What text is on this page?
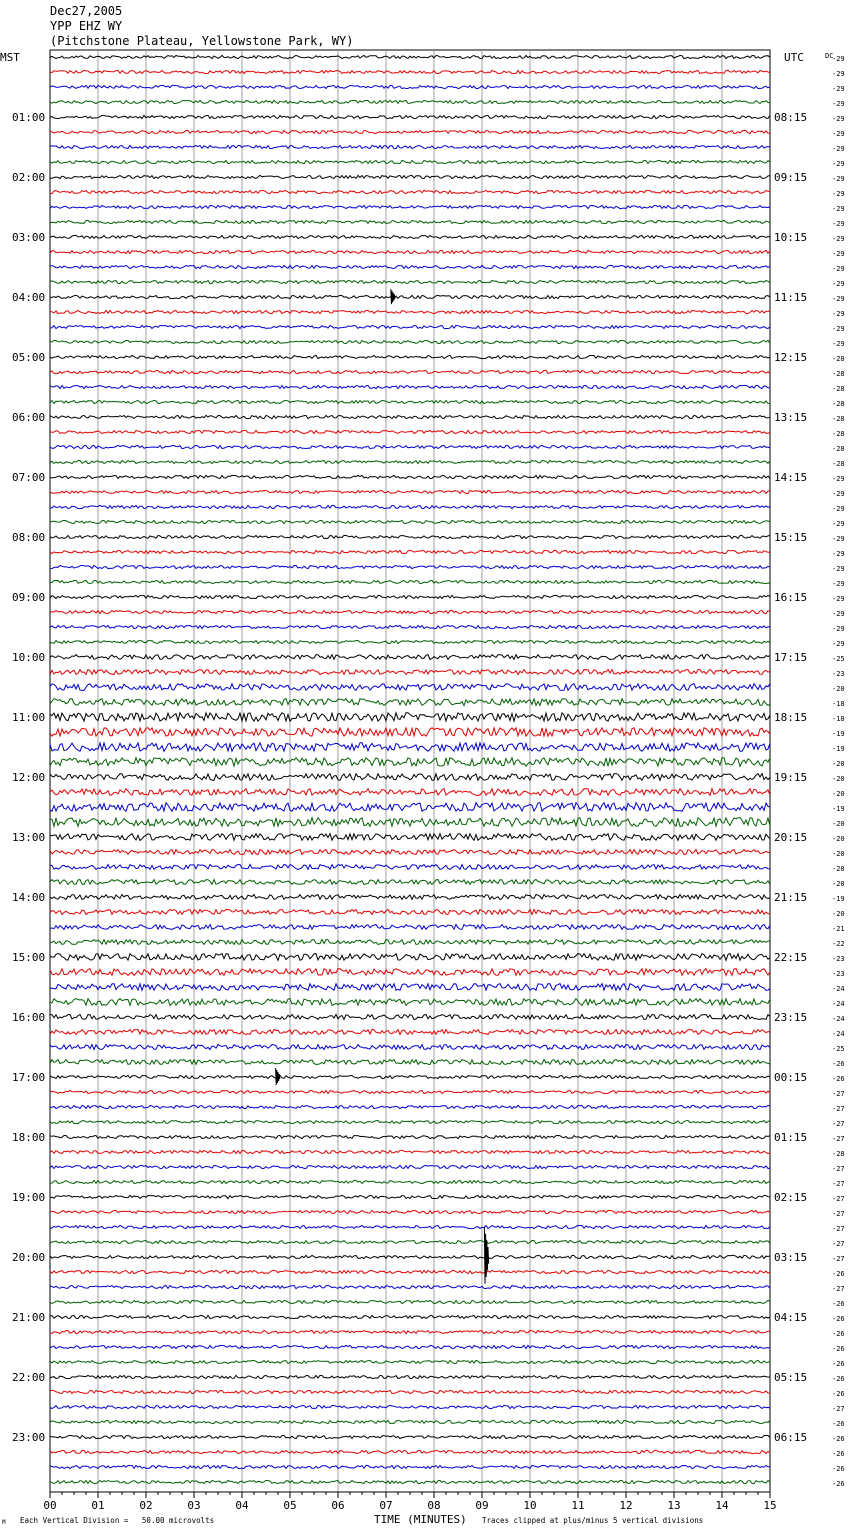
Dec27,2005
YPP EHZ WY
(Pitchstone Plateau, Yellowstone Park, WY)
-29
-29
-29
-29
-29
-29
-29
-29
-29
-29
-29
-29
-29
-29
-29
-29
-29
-29
-29
-29
-28
-28
-28
-28
-28
-28
-28
-28
-29
-29
-29
-29
-29
-29
-29
-29
-29
-29
-29
-29
-25
-23
-20
-18
-18
-19
-19
-20
-20
-20
-19
-20
-20
-20
-20
-20
-19
-20
-21
-22
-23
-23
-24
-24
-24
-24
-25
-26
-26
-27
-27
-27
-27
-28
-27
-27
-27
-27
-27
-27
-27
-26
-27
-26
-26
-26
-26
-26
-26
-26
-27
-26
-26
-26
-26
-26
01:00	08:15
02:00	09:15
03:00	10:15
04:00	11:15
05:00	12:15
06:00	13:15
07:00	14:15
08:00	15:15
09:00	16:15
10:00	17:15
11:00	18:15
12:00	19:15
13:00	20:15
14:00	21:15
15:00	22:15
16:00	23:15
17:00	00:15
18:00	01:15
19:00	02:15
20:00	03:15
21:00	04:15
22:00	05:15
23:00	06:15
00	01	02	03	04	05	06	07	08	09	10	11	12	13	14	15
MST	UTC	DC
TIME (MINUTES)
M Each Vertical Division =   50.00 microvolts	Traces clipped at plus/minus 5 vertical divisions
